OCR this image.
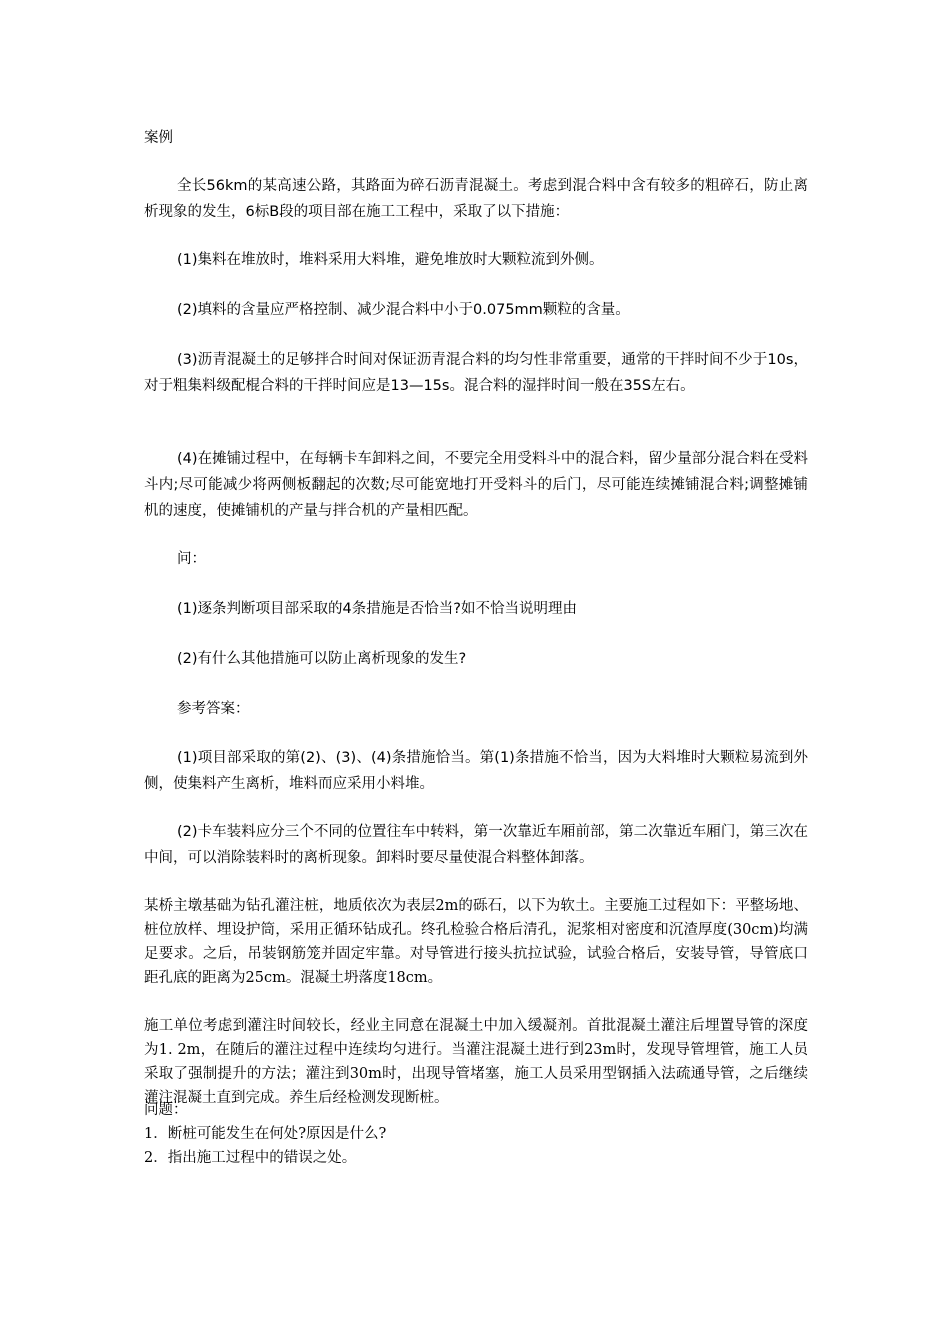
案例

全长56km的某高速公路，其路面为碎石沥青混凝土。考虑到混合料中含有较多的粗碎石，防止离析现象的发生，6标B段的项目部在施工工程中，采取了以下措施：

(1)集料在堆放时，堆料采用大料堆，避免堆放时大颗粒流到外侧。

(2)填料的含量应严格控制、减少混合料中小于0.075mm颗粒的含量。

(3)沥青混凝土的足够拌合时间对保证沥青混合料的均匀性非常重要，通常的干拌时间不少于10s，对于粗集料级配棍合料的干拌时间应是13—15s。混合料的湿拌时间一般在35S左右。

(4)在摊铺过程中，在每辆卡车卸料之间，不要完全用受料斗中的混合料，留少量部分混合料在受料斗内;尽可能减少将两侧板翻起的次数;尽可能宽地打开受料斗的后门，尽可能连续摊铺混合料;调整摊铺机的速度，使摊铺机的产量与拌合机的产量相匹配。

问：

(1)逐条判断项目部采取的4条措施是否恰当?如不恰当说明理由

(2)有什么其他措施可以防止离析现象的发生?

参考答案：

(1)项目部采取的第(2)、(3)、(4)条措施恰当。第(1)条措施不恰当，因为大料堆时大颗粒易流到外侧，使集料产生离析，堆料而应采用小料堆。

(2)卡车装料应分三个不同的位置往车中转料，第一次靠近车厢前部，第二次靠近车厢门，第三次在中间，可以消除装料时的离析现象。卸料时要尽量使混合料整体卸落。

某桥主墩基础为钻孔灌注桩，地质依次为表层2m的砾石，以下为软土。主要施工过程如下：平整场地、桩位放样、埋设护筒，采用正循环钻成孔。终孔检验合格后清孔，泥浆相对密度和沉渣厚度(30cm)均满足要求。之后，吊装钢筋笼并固定牢靠。对导管进行接头抗拉试验，试验合格后，安装导管，导管底口距孔底的距离为25cm。混凝土坍落度18cm。

施工单位考虑到灌注时间较长，经业主同意在混凝土中加入缓凝剂。首批混凝土灌注后埋置导管的深度为1. 2m，在随后的灌注过程中连续均匀进行。当灌注混凝土进行到23m时，发现导管埋管，施工人员采取了强制提升的方法；灌注到30m时，出现导管堵塞，施工人员采用型钢插入法疏通导管，之后继续灌注混凝土直到完成。养生后经检测发现断桩。

问题：

1．断桩可能发生在何处?原因是什么?

2．指出施工过程中的错误之处。
